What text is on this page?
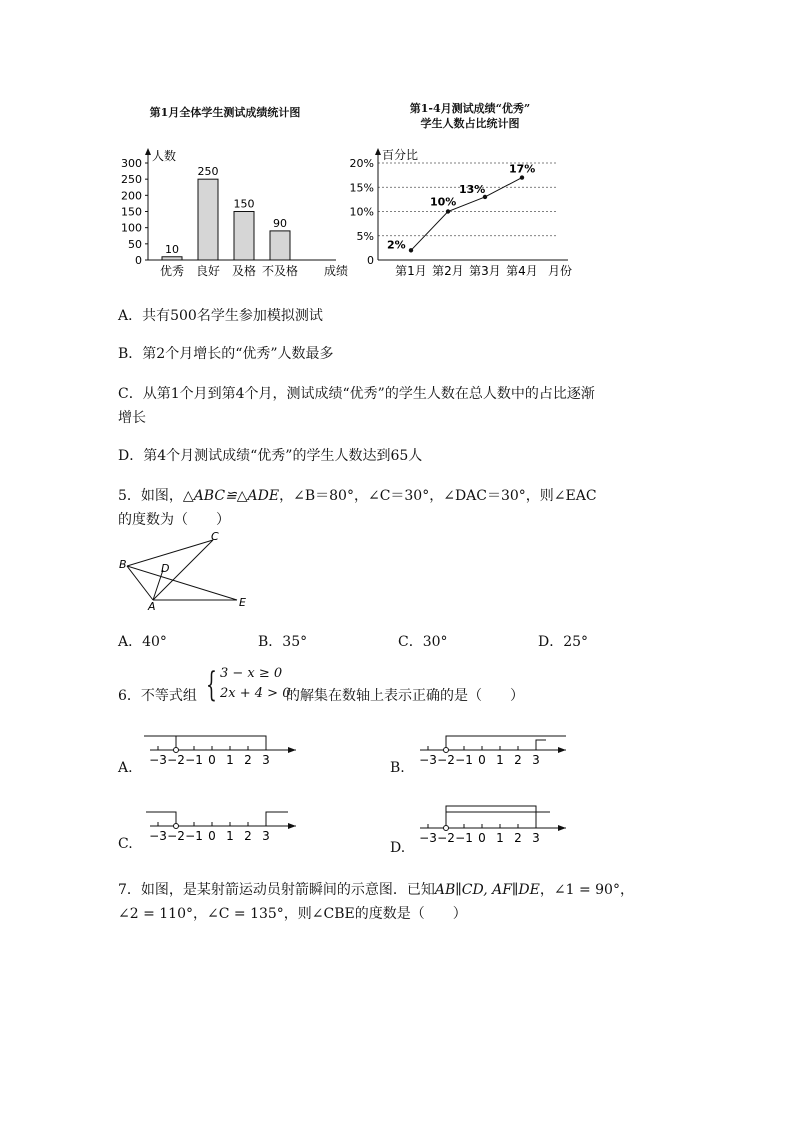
第1月全体学生测试成绩统计图
人数
成绩
0
50
100
150
200
250
300
10
优秀
250
良好
150
及格
90
不及格
第1-4月测试成绩“优秀”
学生人数占比统计图
0
5%
10%
15%
20%
百分比
月份
2%
第1月
10%
第2月
13%
第3月
17%
第4月
A．共有500名学生参加模拟测试
B．第2个月增长的“优秀”人数最多
C．从第1个月到第4个月，测试成绩“优秀”的学生人数在总人数中的占比逐渐
增长
D．第4个月测试成绩“优秀”的学生人数达到65人
5．如图，△ABC≌△ADE，∠B＝80°，∠C＝30°，∠DAC＝30°，则∠EAC
的度数为（　　）
B
C
D
A	E
A．40°	B．35°	C．30°	D．25°
6．不等式组 { 3 − x ≥ 0
2x + 4 > 0
的解集在数轴上表示正确的是（　　）
A. −3 −2 −1 0 1 2 3	B. −3 −2 −1 0 1 2 3
C. −3 −2 −1 0 1 2 3
D.
−3 −2 −1 0 1 2 3
7．如图，是某射箭运动员射箭瞬间的示意图．已知AB∥CD, AF∥DE，∠1 = 90°，
∠2 = 110°，∠C = 135°，则∠CBE的度数是（　　）
